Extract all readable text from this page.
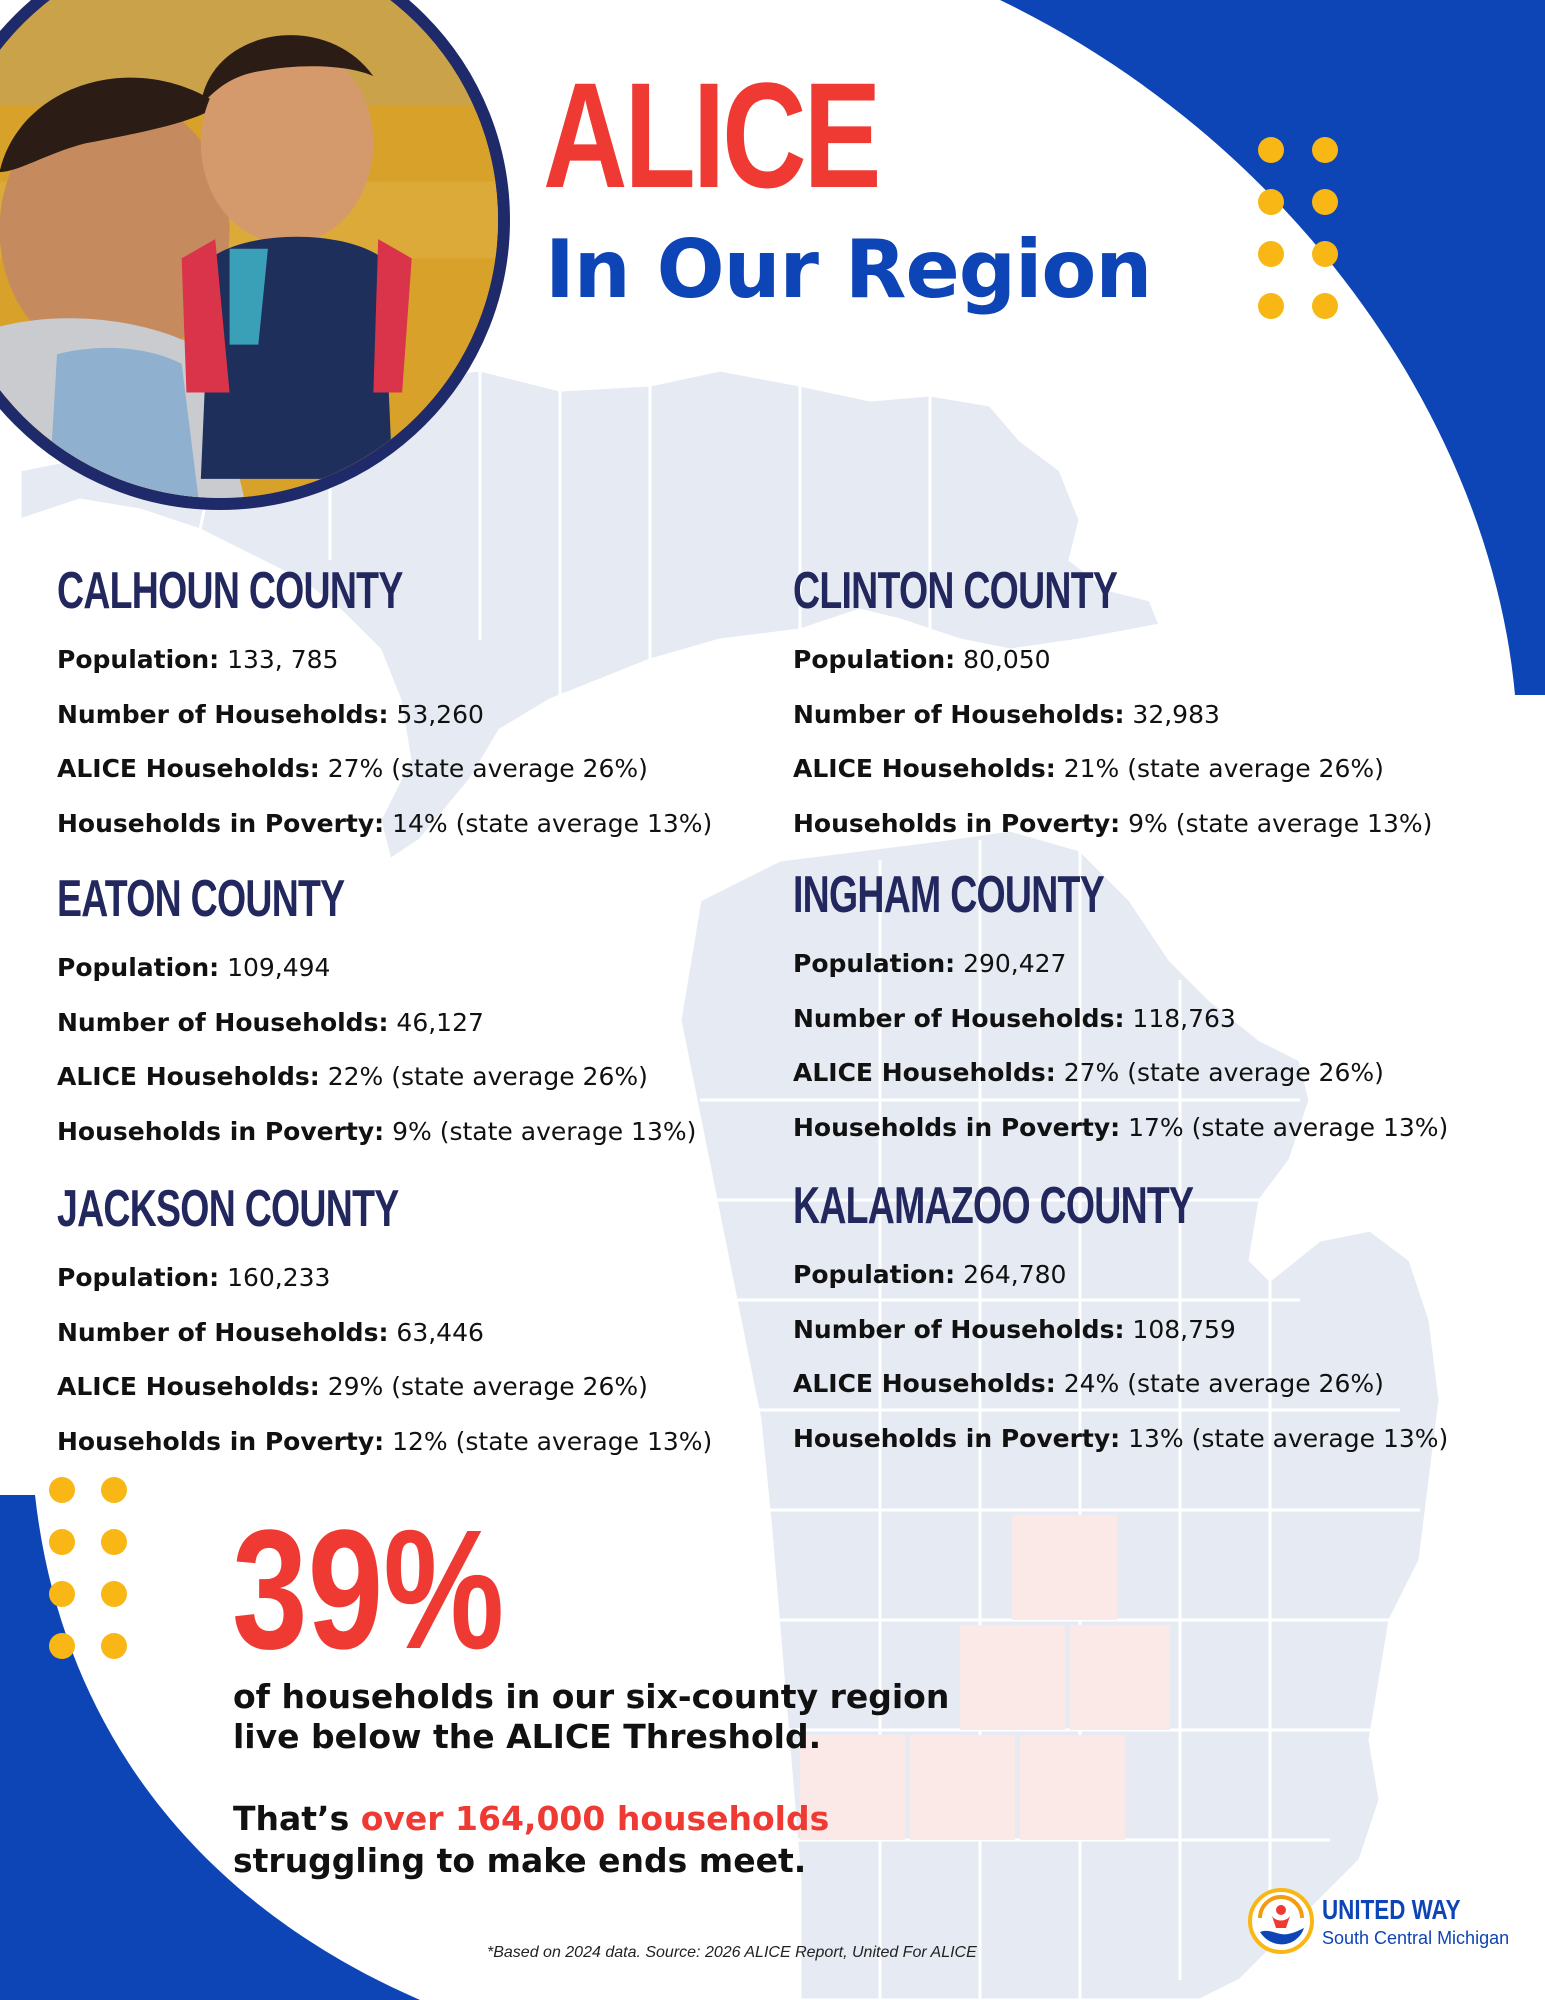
ALICE
In Our Region
CALHOUN COUNTY
Population: 133, 785
Number of Households: 53,260
ALICE Households: 27% (state average 26%)
Households in Poverty: 14% (state average 13%)
CLINTON COUNTY
Population: 80,050
Number of Households: 32,983
ALICE Households: 21% (state average 26%)
Households in Poverty: 9% (state average 13%)
EATON COUNTY
Population: 109,494
Number of Households: 46,127
ALICE Households: 22% (state average 26%)
Households in Poverty: 9% (state average 13%)
INGHAM COUNTY
Population: 290,427
Number of Households: 118,763
ALICE Households: 27% (state average 26%)
Households in Poverty: 17% (state average 13%)
JACKSON COUNTY
Population: 160,233
Number of Households: 63,446
ALICE Households: 29% (state average 26%)
Households in Poverty: 12% (state average 13%)
KALAMAZOO COUNTY
Population: 264,780
Number of Households: 108,759
ALICE Households: 24% (state average 26%)
Households in Poverty: 13% (state average 13%)
39%
of households in our six-county region
live below the ALICE Threshold.
That’s over 164,000 households
struggling to make ends meet.
*Based on 2024 data. Source: 2026 ALICE Report, United For ALICE
UNITED WAY
South Central Michigan
